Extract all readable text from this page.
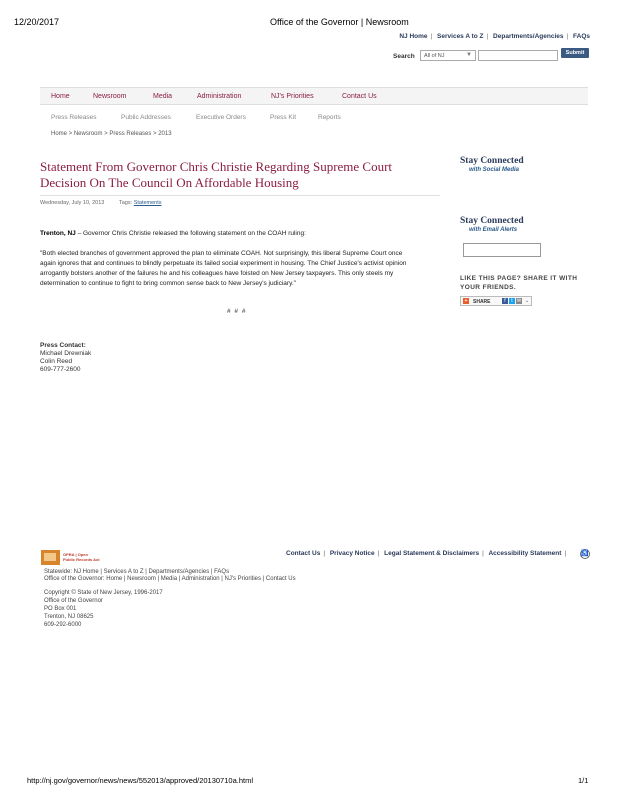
12/20/2017	Office of the Governor | Newsroom
NJ Home | Services A to Z | Departments/Agencies | FAQs
Search	All of NJ	▼	Submit
Home	Newsroom	Media	Administration	NJ's Priorities	Contact Us
Press Releases	Public Addresses	Executive Orders	Press Kit	Reports
Home > Newsroom > Press Releases > 2013
Statement From Governor Chris Christie Regarding Supreme Court Decision On The Council On Affordable Housing
Wednesday, July 10, 2013	Tags: Statements
Trenton, NJ – Governor Chris Christie released the following statement on the COAH ruling:
"Both elected branches of government approved the plan to eliminate COAH. Not surprisingly, this liberal Supreme Court once again ignores that and continues to blindly perpetuate its failed social experiment in housing. The Chief Justice's activist opinion arrogantly bolsters another of the failures he and his colleagues have foisted on New Jersey taxpayers. This only steels my determination to continue to fight to bring common sense back to New Jersey's judiciary."
# # #
Press Contact:
Michael Drewniak
Colin Reed
609-777-2600
Stay Connected
with Social Media
Stay Connected
with Email Alerts
LIKE THIS PAGE? SHARE IT WITH YOUR FRIENDS.
+	SHARE	f	t ✉ ⌄
OPRA | Open
Public Records Act
Contact Us | Privacy Notice | Legal Statement & Disclaimers | Accessibility Statement |	♿
Statewide: NJ Home | Services A to Z | Departments/Agencies | FAQs
Office of the Governor: Home | Newsroom | Media | Administration | NJ's Priorities | Contact Us
Copyright © State of New Jersey, 1996-2017
Office of the Governor
PO Box 001
Trenton, NJ 08625
609-292-6000
http://nj.gov/governor/news/news/552013/approved/20130710a.html	1/1
